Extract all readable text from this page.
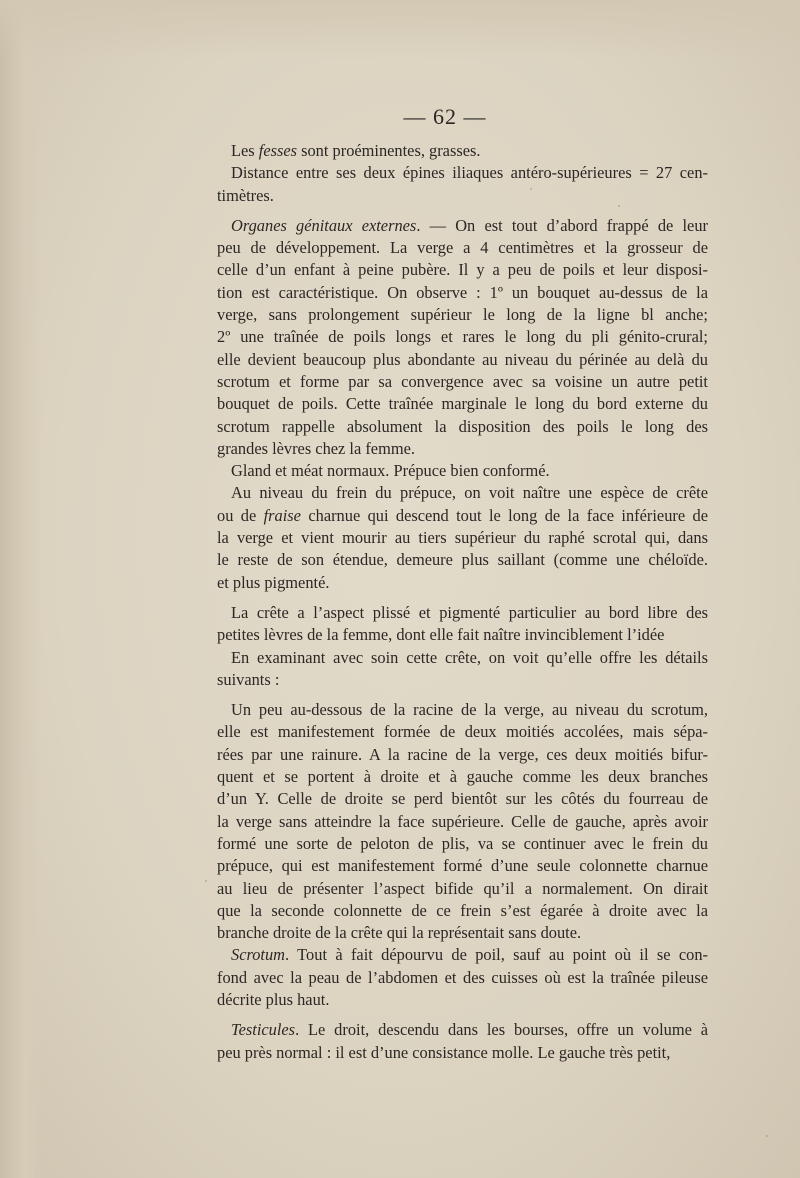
— 62 —
Les fesses sont proéminentes, grasses.
Distance entre ses deux épines iliaques antéro-supérieures = 27 cen-
timètres.
Organes génitaux externes. — On est tout d’abord frappé de leur
peu de développement. La verge a 4 centimètres et la grosseur de
celle d’un enfant à peine pubère. Il y a peu de poils et leur disposi-
tion est caractéristique. On observe : 1º un bouquet au-dessus de la
verge, sans prolongement supérieur le long de la ligne bl anche;
2º une traînée de poils longs et rares le long du pli génito-crural;
elle devient beaucoup plus abondante au niveau du périnée au delà du
scrotum et forme par sa convergence avec sa voisine un autre petit
bouquet de poils. Cette traînée marginale le long du bord externe du
scrotum rappelle absolument la disposition des poils le long des
grandes lèvres chez la femme.
Gland et méat normaux. Prépuce bien conformé.
Au niveau du frein du prépuce, on voit naître une espèce de crête
ou de fraise charnue qui descend tout le long de la face inférieure de
la verge et vient mourir au tiers supérieur du raphé scrotal qui, dans
le reste de son étendue, demeure plus saillant (comme une chéloïde.
et plus pigmenté.
La crête a l’aspect plissé et pigmenté particulier au bord libre des
petites lèvres de la femme, dont elle fait naître invinciblement l’idée
En examinant avec soin cette crête, on voit qu’elle offre les détails
suivants :
Un peu au-dessous de la racine de la verge, au niveau du scrotum,
elle est manifestement formée de deux moitiés accolées, mais sépa-
rées par une rainure. A la racine de la verge, ces deux moitiés bifur-
quent et se portent à droite et à gauche comme les deux branches
d’un Y. Celle de droite se perd bientôt sur les côtés du fourreau de
la verge sans atteindre la face supérieure. Celle de gauche, après avoir
formé une sorte de peloton de plis, va se continuer avec le frein du
prépuce, qui est manifestement formé d’une seule colonnette charnue
au lieu de présenter l’aspect bifide qu’il a normalement. On dirait
que la seconde colonnette de ce frein s’est égarée à droite avec la
branche droite de la crête qui la représentait sans doute.
Scrotum. Tout à fait dépourvu de poil, sauf au point où il se con-
fond avec la peau de l’abdomen et des cuisses où est la traînée pileuse
décrite plus haut.
Testicules. Le droit, descendu dans les bourses, offre un volume à
peu près normal : il est d’une consistance molle. Le gauche très petit,
